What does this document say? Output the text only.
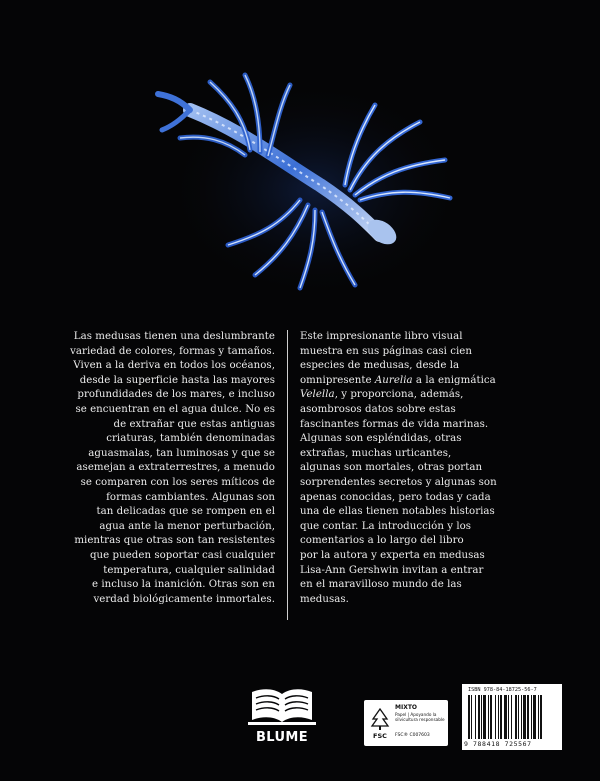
Las medusas tienen una deslumbrante
variedad de colores, formas y tamaños.
Viven a la deriva en todos los océanos,
desde la superficie hasta las mayores
profundidades de los mares, e incluso
se encuentran en el agua dulce. No es
de extrañar que estas antiguas
criaturas, también denominadas
aguasmalas, tan luminosas y que se
asemejan a extraterrestres, a menudo
se comparen con los seres míticos de
formas cambiantes. Algunas son
tan delicadas que se rompen en el
agua ante la menor perturbación,
mientras que otras son tan resistentes
que pueden soportar casi cualquier
temperatura, cualquier salinidad
e incluso la inanición. Otras son en
verdad biológicamente inmortales.
Este impresionante libro visual
muestra en sus páginas casi cien
especies de medusas, desde la
omnipresente Aurelia a la enigmática
Velella, y proporciona, además,
asombrosos datos sobre estas
fascinantes formas de vida marinas.
Algunas son espléndidas, otras
extrañas, muchas urticantes,
algunas son mortales, otras portan
sorprendentes secretos y algunas son
apenas conocidas, pero todas y cada
una de ellas tienen notables historias
que contar. La introducción y los
comentarios a lo largo del libro
por la autora y experta en medusas
Lisa-Ann Gershwin invitan a entrar
en el maravilloso mundo de las
medusas.
BLUME	FSC
MIXTO
Papel | Apoyando la silvicultura responsable
FSC® C007603
ISBN 978-84-18725-56-7
9 788418 725567
